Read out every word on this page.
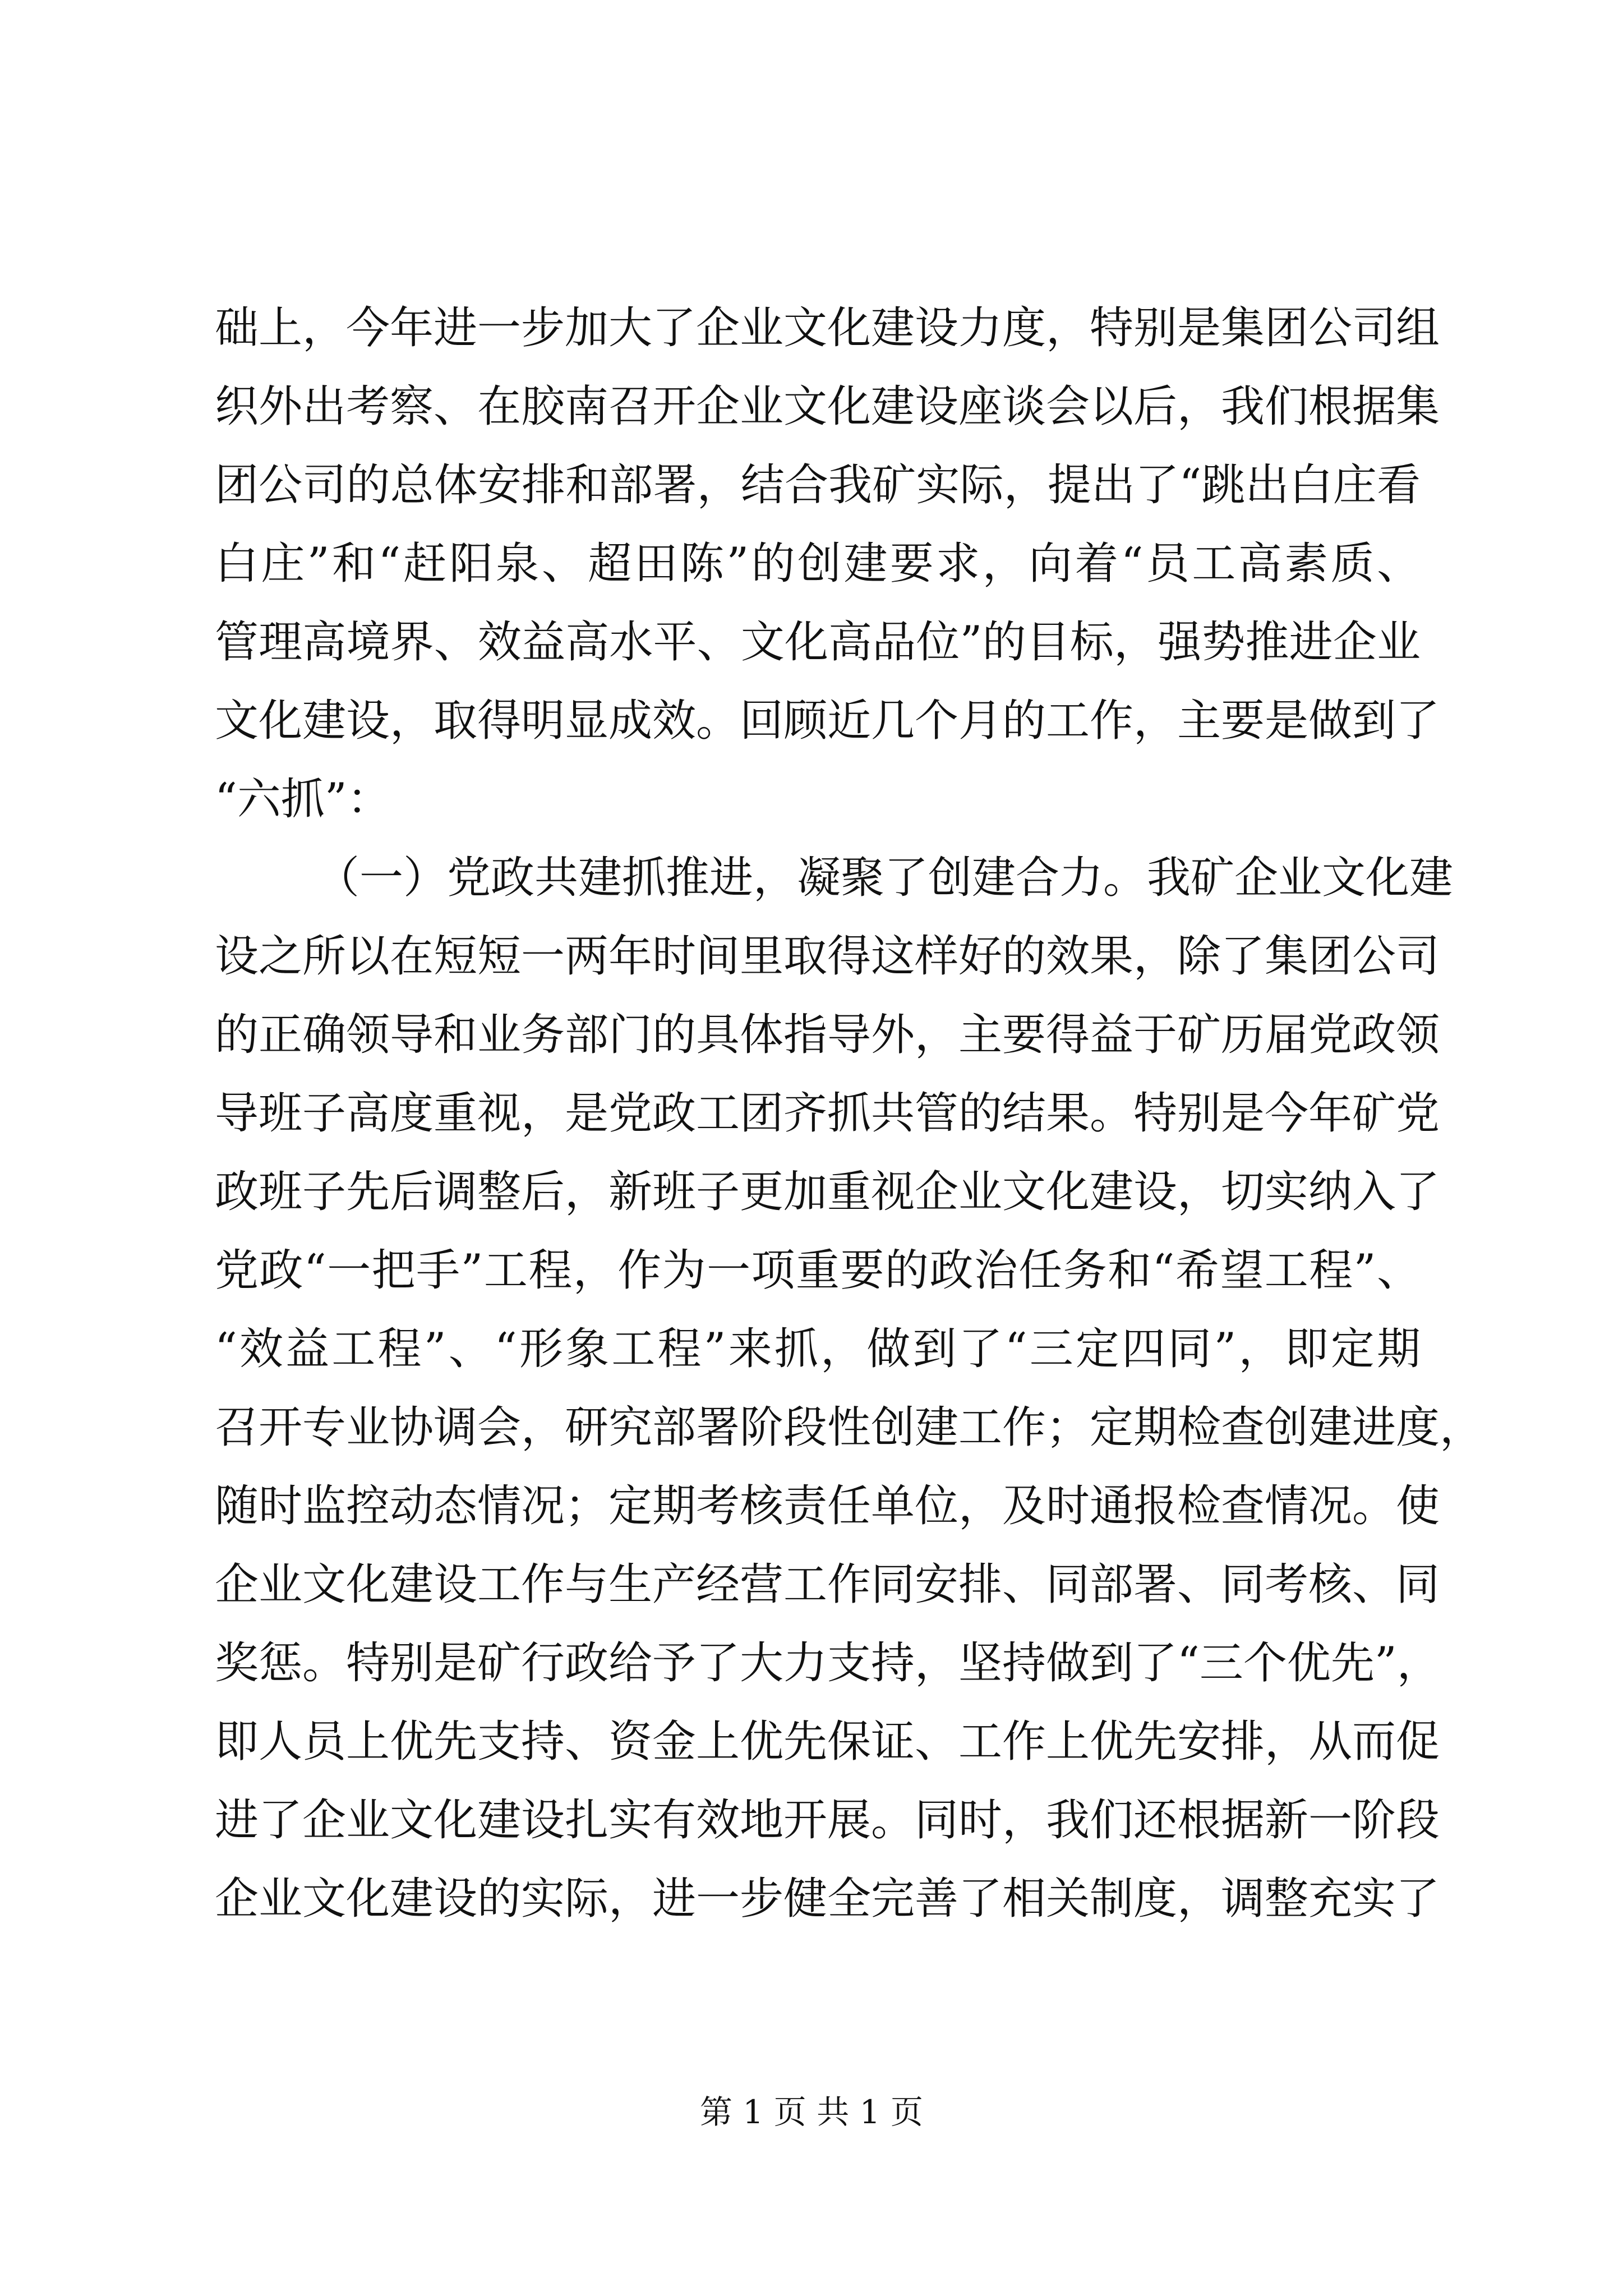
础上，今年进一步加大了企业文化建设力度，特别是集团公司组
织外出考察、在胶南召开企业文化建设座谈会以后，我们根据集
团公司的总体安排和部署，结合我矿实际，提出了“跳出白庄看
白庄”和“赶阳泉、超田陈”的创建要求，向着“员工高素质、
管理高境界、效益高水平、文化高品位”的目标，强势推进企业
文化建设，取得明显成效。回顾近几个月的工作，主要是做到了
“六抓”：
（一）党政共建抓推进，凝聚了创建合力。我矿企业文化建
设之所以在短短一两年时间里取得这样好的效果，除了集团公司
的正确领导和业务部门的具体指导外，主要得益于矿历届党政领
导班子高度重视，是党政工团齐抓共管的结果。特别是今年矿党
政班子先后调整后，新班子更加重视企业文化建设，切实纳入了
党政“一把手”工程，作为一项重要的政治任务和“希望工程”、
“效益工程”、“形象工程”来抓，做到了“三定四同”，即定期
召开专业协调会，研究部署阶段性创建工作；定期检查创建进度，
随时监控动态情况；定期考核责任单位，及时通报检查情况。使
企业文化建设工作与生产经营工作同安排、同部署、同考核、同
奖惩。特别是矿行政给予了大力支持，坚持做到了“三个优先”，
即人员上优先支持、资金上优先保证、工作上优先安排，从而促
进了企业文化建设扎实有效地开展。同时，我们还根据新一阶段
企业文化建设的实际，进一步健全完善了相关制度，调整充实了
第 1 页 共 1 页
